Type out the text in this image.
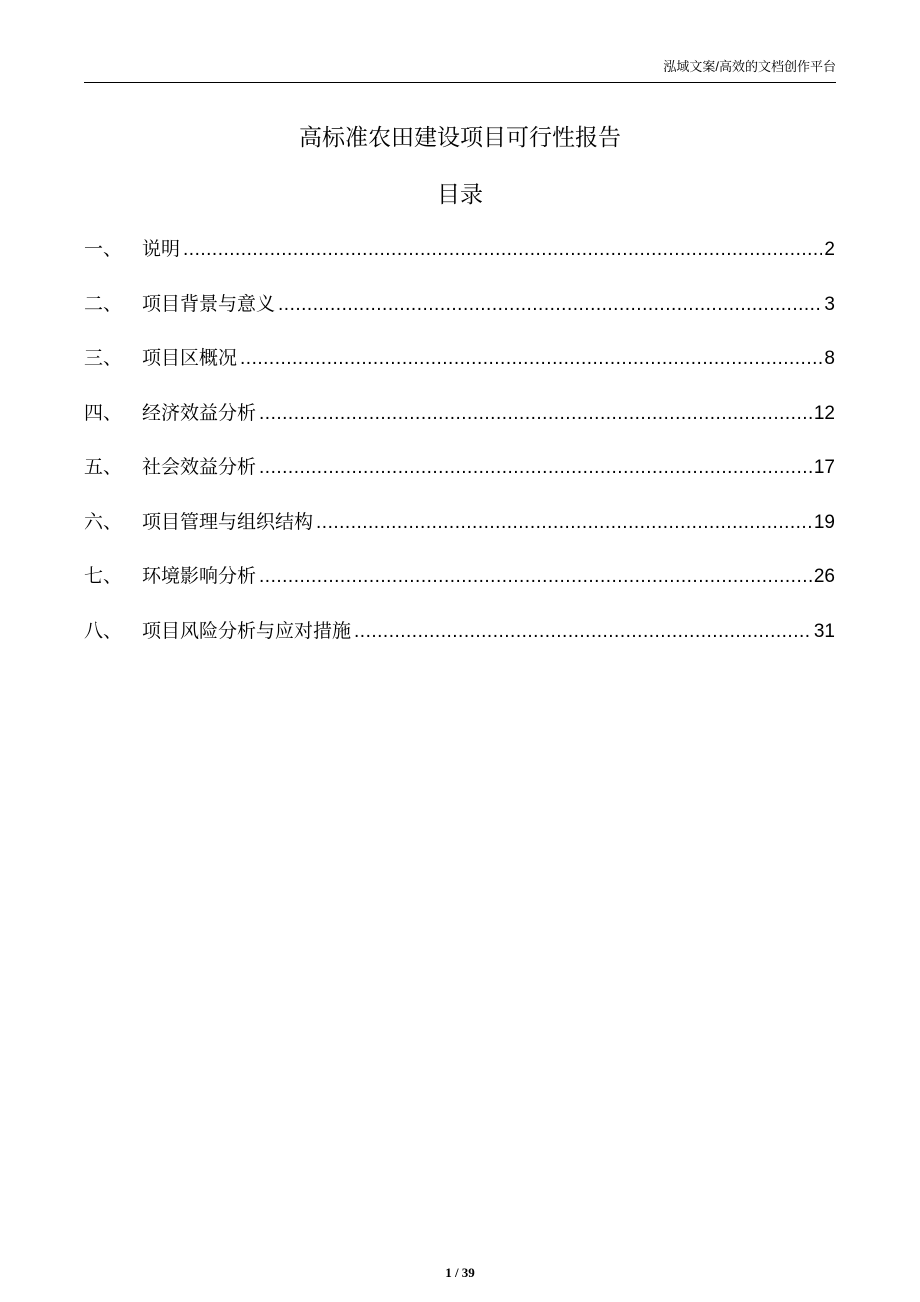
泓域文案/高效的文档创作平台
高标准农田建设项目可行性报告
目录
一、	说明 .....	2
二、	项目背景与意义 .....	3
三、	项目区概况 .....	8
四、	经济效益分析 .....	12
五、	社会效益分析 .....	17
六、	项目管理与组织结构 .....	19
七、	环境影响分析 .....	26
八、	项目风险分析与应对措施 .....	31
1 / 39
